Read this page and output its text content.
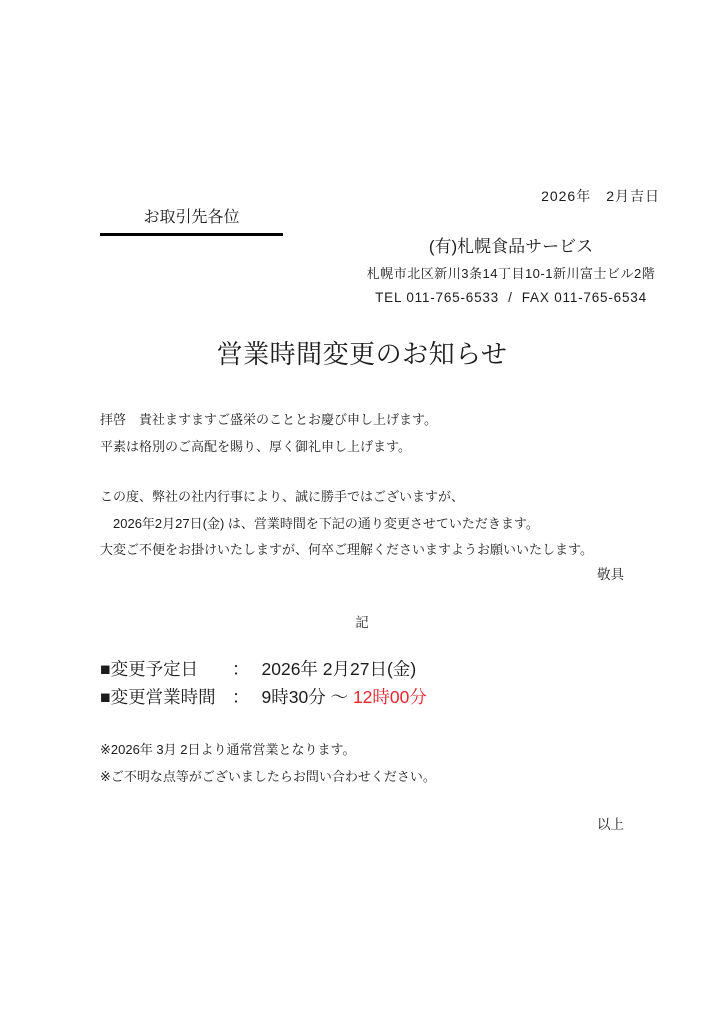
2026年　2月吉日
お取引先各位
(有)札幌食品サービス
札幌市北区新川3条14丁目10-1新川富士ビル2階
TEL 011-765-6533  /  FAX 011-765-6534
営業時間変更のお知らせ

拝啓　貴社ますますご盛栄のこととお慶び申し上げます。

平素は格別のご高配を賜り、厚く御礼申し上げます。

この度、弊社の社内行事により、誠に勝手ではございますが、

　2026年2月27日(金) は、営業時間を下記の通り変更させていただきます。

大変ご不便をお掛けいたしますが、何卒ご理解くださいますようお願いいたします。

敬具
記
■変更予定日	： 2026年 2月27日(金)
■変更営業時間 ： 9時30分 ～ 12時00分

※2026年 3月 2日より通常営業となります。

※ご不明な点等がございましたらお問い合わせください。

以上
